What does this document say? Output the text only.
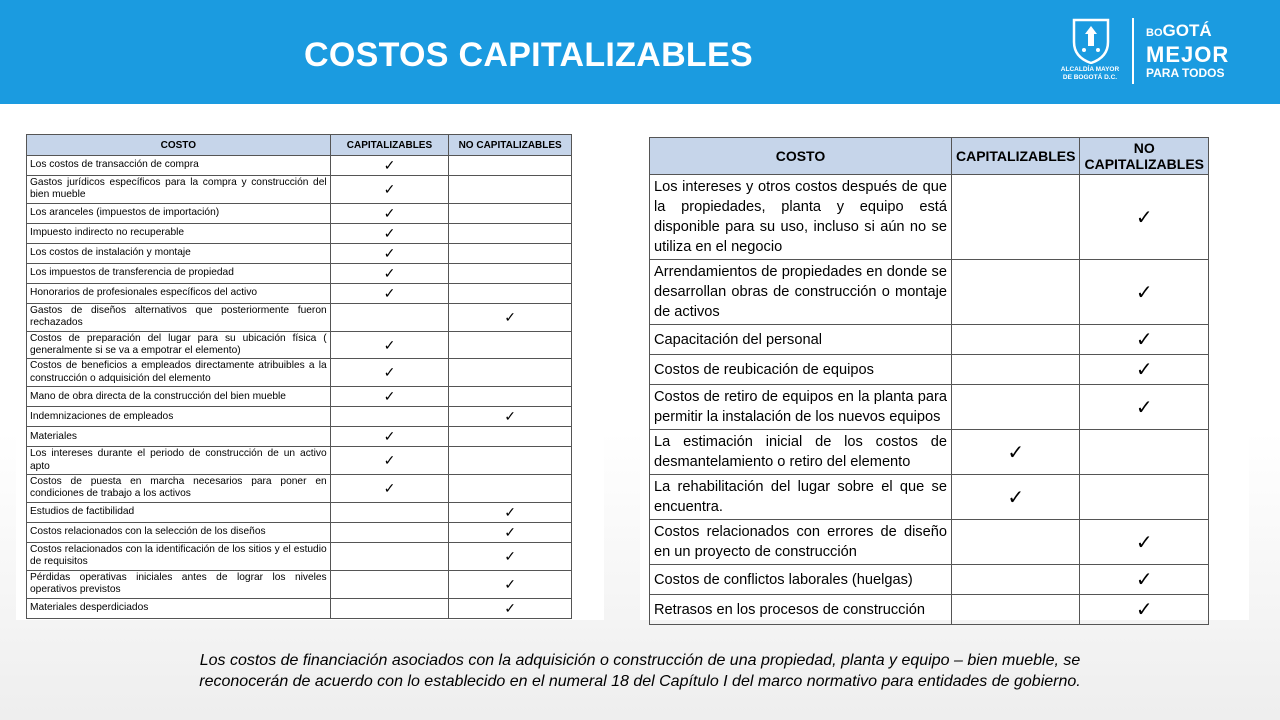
COSTOS CAPITALIZABLES	ALCALDÍA MAYOR
DE BOGOTÁ D.C.
BOGOTÁ
MEJOR
PARA TODOS
COSTO	CAPITALIZABLES	NO CAPITALIZABLES
Los costos de transacción de compra	✓	
Gastos jurídicos específicos para la compra y construcción del bien mueble	✓	
Los aranceles (impuestos de importación)	✓	
Impuesto indirecto no recuperable	✓	
Los costos de instalación y montaje	✓	
Los impuestos de transferencia de propiedad	✓	
Honorarios de profesionales específicos del activo	✓	
Gastos de diseños alternativos que posteriormente fueron rechazados		✓
Costos de preparación del lugar para su ubicación física ( generalmente si se va a empotrar el elemento)	✓	
Costos de beneficios a empleados directamente atribuibles a la construcción o adquisición del elemento	✓	
Mano de obra directa de la construcción del bien mueble	✓	
Indemnizaciones de empleados		✓
Materiales	✓	
Los intereses durante el periodo de construcción de un activo apto	✓	
Costos de puesta en marcha necesarios para poner en condiciones de trabajo a los activos	✓	
Estudios de factibilidad		✓
Costos relacionados con la selección de los diseños		✓
Costos relacionados con la identificación de los sitios y el estudio de requisitos		✓
Pérdidas operativas iniciales antes de lograr los niveles operativos previstos		✓
Materiales desperdiciados		✓
COSTO	CAPITALIZABLES	NO CAPITALIZABLES
Los intereses y otros costos después de que la propiedades, planta y equipo está disponible para su uso, incluso si aún no se utiliza en el negocio		✓
Arrendamientos de propiedades en donde se desarrollan obras de construcción o montaje de activos		✓
Capacitación del personal		✓
Costos de reubicación de equipos		✓
Costos de retiro de equipos en la planta para permitir la instalación de los nuevos equipos		✓
La estimación inicial de los costos de desmantelamiento o retiro del elemento	✓	
La rehabilitación del lugar sobre el que se encuentra.	✓	
Costos relacionados con errores de diseño en un proyecto de construcción		✓
Costos de conflictos laborales (huelgas)		✓
Retrasos en los procesos de construcción		✓
Los costos de financiación asociados con la adquisición o construcción de una propiedad, planta y equipo – bien mueble, se
reconocerán de acuerdo con lo establecido en el numeral 18 del Capítulo I del marco normativo para entidades de gobierno.
